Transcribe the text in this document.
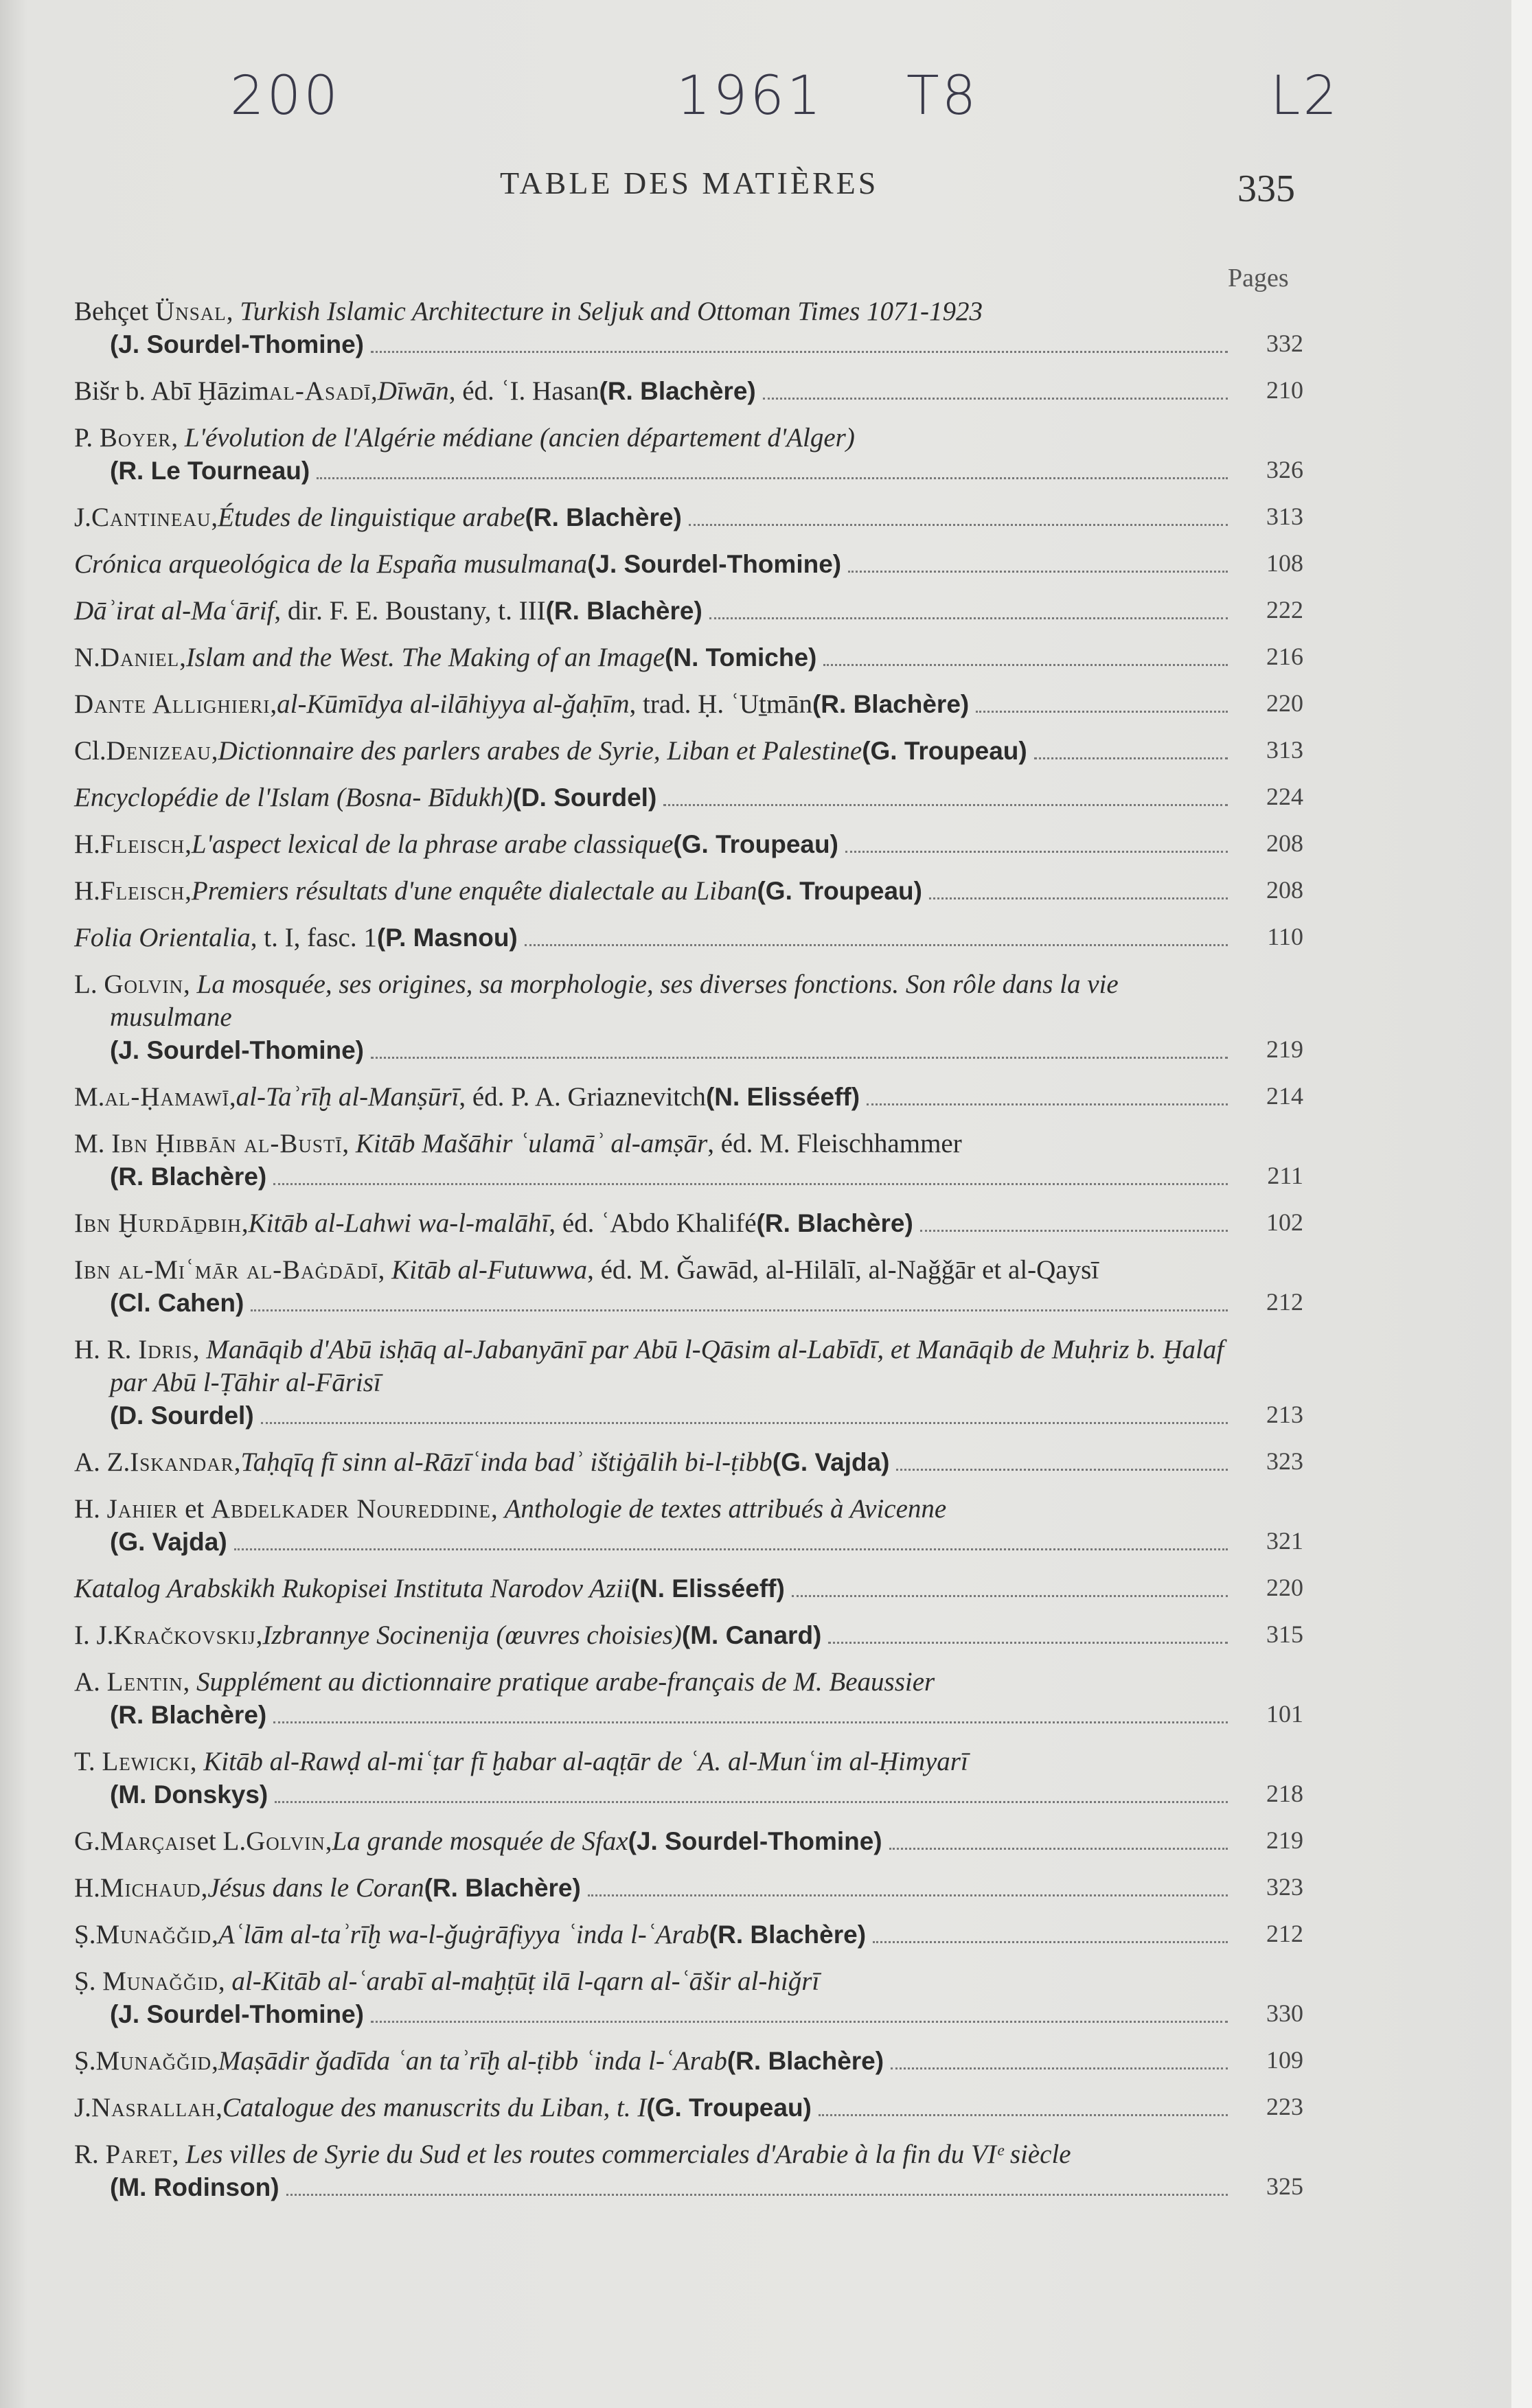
200	1961 T8	L2
TABLE DES MATIÈRES	335
Pages
Behçet Ünsal, Turkish Islamic Architecture in Seljuk and Ottoman Times 1071-1923
(J. Sourdel-Thomine)	332
Bišr b. Abī Ḫāzim al-Asadī , Dīwān , éd. ʿI. Hasan (R. Blachère)	210
P. Boyer, L'évolution de l'Algérie médiane (ancien département d'Alger)
(R. Le Tourneau)	326
J. Cantineau , Études de linguistique arabe (R. Blachère)	313
Crónica arqueológica de la España musulmana (J. Sourdel-Thomine)	108
Dāʾirat al-Maʿārif , dir. F. E. Boustany, t. III (R. Blachère)	222
N. Daniel , Islam and the West. The Making of an Image (N. Tomiche)	216
Dante Allighieri , al-Kūmīdya al-ilāhiyya al-ǧaḥīm , trad. Ḥ. ʿUṯmān (R. Blachère)	220
Cl. Denizeau , Dictionnaire des parlers arabes de Syrie, Liban et Palestine (G. Troupeau)	313
Encyclopédie de l'Islam (Bosna- Bīdukh) (D. Sourdel)	224
H. Fleisch , L'aspect lexical de la phrase arabe classique (G. Troupeau)	208
H. Fleisch , Premiers résultats d'une enquête dialectale au Liban (G. Troupeau)	208
Folia Orientalia , t. I, fasc. 1 (P. Masnou)	110
L. Golvin, La mosquée, ses origines, sa morphologie, ses diverses fonctions. Son rôle dans la vie musulmane
(J. Sourdel-Thomine)	219
M. al-Ḥamawī , al-Taʾrīḫ al-Manṣūrī , éd. P. A. Griaznevitch (N. Elisséeff)	214
M. Ibn Ḥibbān al-Bustī, Kitāb Mašāhir ʿulamāʾ al-amṣār, éd. M. Fleischhammer
(R. Blachère)	211
Ibn Ḫurdāḏbih , Kitāb al-Lahwi wa-l-malāhī , éd. ʿAbdo Khalifé (R. Blachère)	102
Ibn al-Miʿmār al-Baġdādī, Kitāb al-Futuwwa, éd. M. Ǧawād, al-Hilālī, al-Naǧǧār et al-Qaysī
(Cl. Cahen)	212
H. R. Idris, Manāqib d'Abū isḥāq al-Jabanyānī par Abū l-Qāsim al-Labīdī, et Manāqib de Muḥriz b. Ḫalaf par Abū l-Ṭāhir al-Fārisī
(D. Sourdel)	213
A. Z. Iskandar , Taḥqīq fī sinn al-Rāzīʿinda badʾ ištiġālih bi-l-ṭibb (G. Vajda)	323
H. Jahier et Abdelkader Noureddine, Anthologie de textes attribués à Avicenne
(G. Vajda)	321
Katalog Arabskikh Rukopisei Instituta Narodov Azii (N. Elisséeff)	220
I. J. Kračkovskij , Izbrannye Socinenija (œuvres choisies) (M. Canard)	315
A. Lentin, Supplément au dictionnaire pratique arabe-français de M. Beaussier
(R. Blachère)	101
T. Lewicki, Kitāb al-Rawḍ al-miʿṭar fī ḫabar al-aqṭār de ʿA. al-Munʿim al-Ḥimyarī
(M. Donskys)	218
G. Marçais et L. Golvin , La grande mosquée de Sfax (J. Sourdel-Thomine)	219
H. Michaud , Jésus dans le Coran (R. Blachère)	323
Ṣ. Munaǧǧid , Aʿlām al-taʾrīḫ wa-l-ǧuġrāfiyya ʿinda l-ʿArab (R. Blachère)	212
Ṣ. Munaǧǧid, al-Kitāb al-ʿarabī al-maḫṭūṭ ilā l-qarn al-ʿāšir al-hiǧrī
(J. Sourdel-Thomine)	330
Ṣ. Munaǧǧid , Maṣādir ǧadīda ʿan taʾrīḫ al-ṭibb ʿinda l-ʿArab (R. Blachère)	109
J. Nasrallah , Catalogue des manuscrits du Liban, t. I (G. Troupeau)	223
R. Paret, Les villes de Syrie du Sud et les routes commerciales d'Arabie à la fin du VIᵉ siècle
(M. Rodinson)	325
